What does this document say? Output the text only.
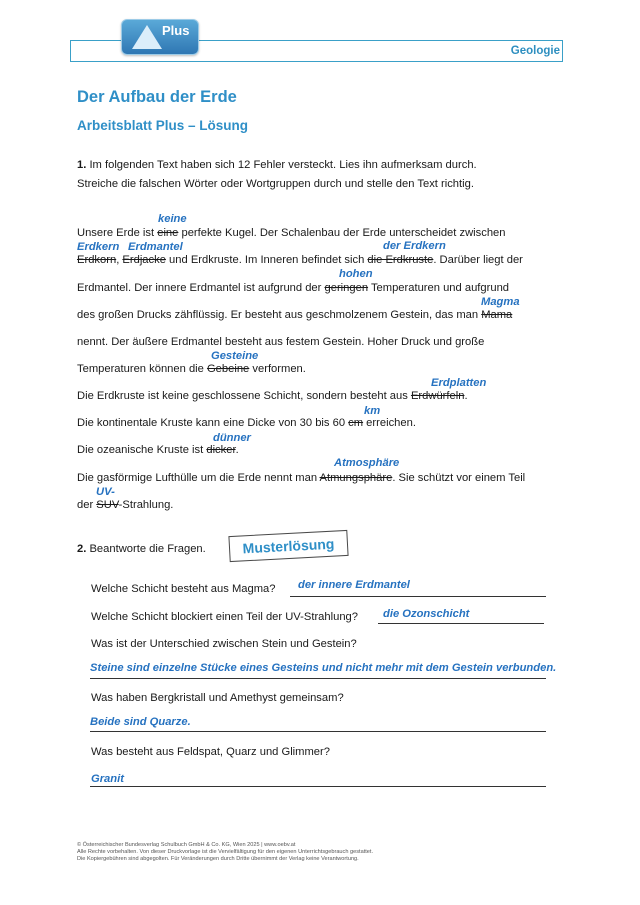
Geologie
Plus
Der Aufbau der Erde
Arbeitsblatt Plus – Lösung
1. Im folgenden Text haben sich 12 Fehler versteckt. Lies ihn aufmerksam durch.
Streiche die falschen Wörter oder Wortgruppen durch und stelle den Text richtig.
keine
Erdkern Erdmantel	der Erdkern
hohen
Magma
Gesteine
Erdplatten
km
dünner
Atmosphäre
UV-
Unsere Erde ist eine perfekte Kugel. Der Schalenbau der Erde unterscheidet zwischen
Erdkorn, Erdjacke und Erdkruste. Im Inneren befindet sich die Erdkruste. Darüber liegt der
Erdmantel. Der innere Erdmantel ist aufgrund der geringen Temperaturen und aufgrund
des großen Drucks zähflüssig. Er besteht aus geschmolzenem Gestein, das man Mama
nennt. Der äußere Erdmantel besteht aus festem Gestein. Hoher Druck und große
Temperaturen können die Gebeine verformen.
Die Erdkruste ist keine geschlossene Schicht, sondern besteht aus Erdwürfeln.
Die kontinentale Kruste kann eine Dicke von 30 bis 60 cm erreichen.
Die ozeanische Kruste ist dicker.
Die gasförmige Lufthülle um die Erde nennt man Atmungsphäre. Sie schützt vor einem Teil
der SUV-Strahlung.
2. Beantworte die Fragen.	Musterlösung
Welche Schicht besteht aus Magma? der innere Erdmantel
Welche Schicht blockiert einen Teil der UV-Strahlung? die Ozonschicht
Was ist der Unterschied zwischen Stein und Gestein?
Steine sind einzelne Stücke eines Gesteins und nicht mehr mit dem Gestein verbunden.
Was haben Bergkristall und Amethyst gemeinsam?
Beide sind Quarze.
Was besteht aus Feldspat, Quarz und Glimmer?
Granit
© Österreichischer Bundesverlag Schulbuch GmbH & Co. KG, Wien 2025 | www.oebv.at
Alle Rechte vorbehalten. Von dieser Druckvorlage ist die Vervielfältigung für den eigenen Unterrichtsgebrauch gestattet.
Die Kopiergebühren sind abgegolten. Für Veränderungen durch Dritte übernimmt der Verlag keine Verantwortung.
